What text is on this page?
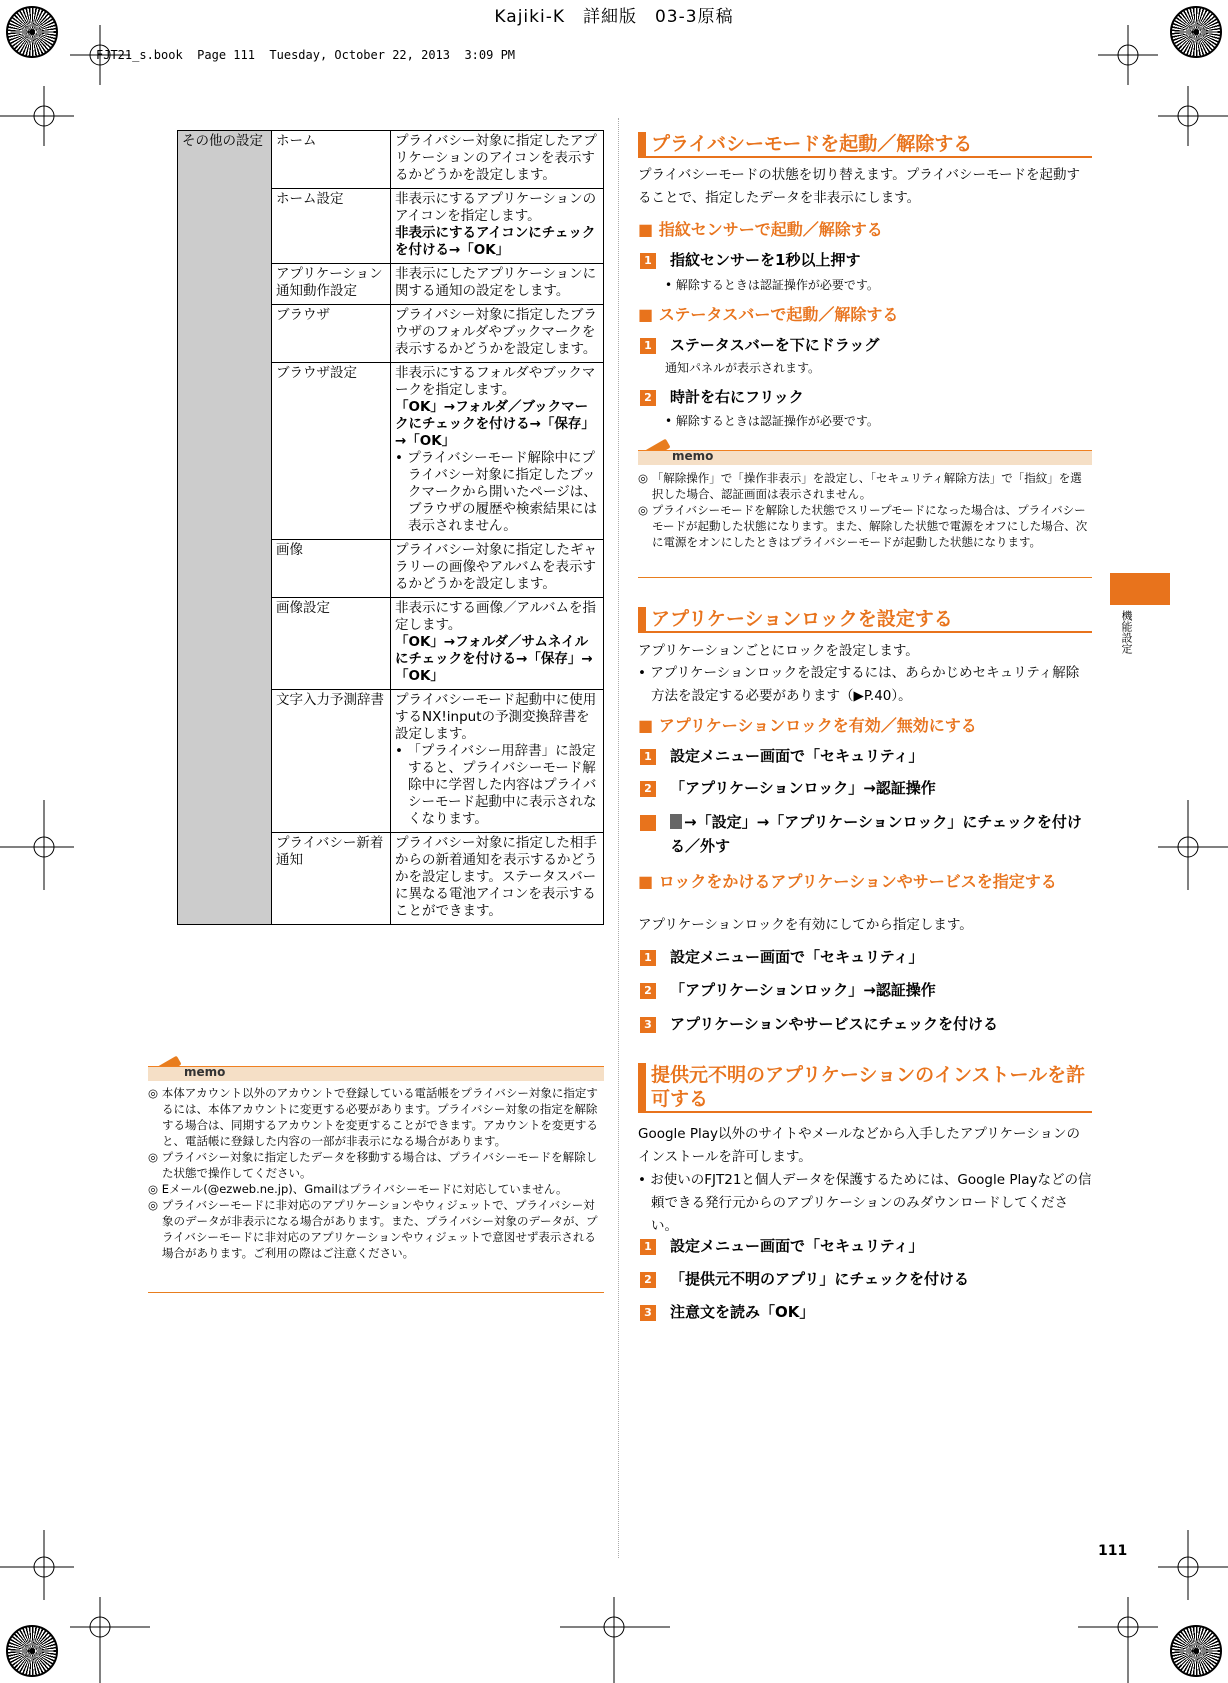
Kajiki-K　詳細版　03-3原稿
FJT21_s.book  Page 111  Tuesday, October 22, 2013  3:09 PM
その他の設定	ホーム	プライバシー対象に指定したアプリケーションのアイコンを表示するかどうかを設定します。
	ホーム設定	非表示にするアプリケーションのアイコンを指定します。
非表示にするアイコンにチェックを付ける→「OK」

	アプリケーション通知動作設定	非表示にしたアプリケーションに関する通知の設定をします。
	ブラウザ	プライバシー対象に指定したブラウザのフォルダやブックマークを表示するかどうかを設定します。
	ブラウザ設定	非表示にするフォルダやブックマークを指定します。
「OK」→フォルダ／ブックマークにチェックを付ける→「保存」→「OK」
• プライバシーモード解除中にプライバシー対象に指定したブックマークから開いたページは、ブラウザの履歴や検索結果には表示されません。

	画像	プライバシー対象に指定したギャラリーの画像やアルバムを表示するかどうかを設定します。
	画像設定	非表示にする画像／アルバムを指定します。
「OK」→フォルダ／サムネイルにチェックを付ける→「保存」→「OK」

	文字入力予測辞書	プライバシーモード起動中に使用するNX!inputの予測変換辞書を設定します。
• 「プライバシー用辞書」に設定すると、プライバシーモード解除中に学習した内容はプライバシーモード起動中に表示されなくなります。

	プライバシー新着通知	プライバシー対象に指定した相手からの新着通知を表示するかどうかを設定します。ステータスバーに異なる電池アイコンを表示することができます。
memo

◎ 本体アカウント以外のアカウントで登録している電話帳をプライバシー対象に指定するには、本体アカウントに変更する必要があります。プライバシー対象の指定を解除する場合は、同期するアカウントを変更することができます。アカウントを変更すると、電話帳に登録した内容の一部が非表示になる場合があります。

◎ プライバシー対象に指定したデータを移動する場合は、プライバシーモードを解除した状態で操作してください。

◎ Eメール(@ezweb.ne.jp)、Gmailはプライバシーモードに対応していません。

◎ プライバシーモードに非対応のアプリケーションやウィジェットで、プライバシー対象のデータが非表示になる場合があります。また、プライバシー対象のデータが、プライバシーモードに非対応のアプリケーションやウィジェットで意図せず表示される場合があります。ご利用の際はご注意ください。

プライバシーモードを起動／解除する
プライバシーモードの状態を切り替えます。プライバシーモードを起動することで、指定したデータを非表示にします。
■ 指紋センサーで起動／解除する
1 指紋センサーを1秒以上押す
• 解除するときは認証操作が必要です。
■ ステータスバーで起動／解除する
1 ステータスバーを下にドラッグ
通知パネルが表示されます。
2 時計を右にフリック
• 解除するときは認証操作が必要です。
memo

◎ 「解除操作」で「操作非表示」を設定し、「セキュリティ解除方法」で「指紋」を選択した場合、認証画面は表示されません。

◎ プライバシーモードを解除した状態でスリープモードになった場合は、プライバシーモードが起動した状態になります。また、解除した状態で電源をオフにした場合、次に電源をオンにしたときはプライバシーモードが起動した状態になります。

アプリケーションロックを設定する
アプリケーションごとにロックを設定します。
• アプリケーションロックを設定するには、あらかじめセキュリティ解除方法を設定する必要があります（▶P.40）。
■ アプリケーションロックを有効／無効にする
1 設定メニュー画面で「セキュリティ」
2 「アプリケーションロック」→認証操作
3	→「設定」→「アプリケーションロック」にチェックを付ける／外す
■ ロックをかけるアプリケーションやサービスを指定する
アプリケーションロックを有効にしてから指定します。
1 設定メニュー画面で「セキュリティ」
2 「アプリケーションロック」→認証操作
3 アプリケーションやサービスにチェックを付ける
提供元不明のアプリケーションのインストールを許可する
Google Play以外のサイトやメールなどから入手したアプリケーションのインストールを許可します。
• お使いのFJT21と個人データを保護するためには、Google Playなどの信頼できる発行元からのアプリケーションのみダウンロードしてください。
1 設定メニュー画面で「セキュリティ」
2 「提供元不明のアプリ」にチェックを付ける
3 注意文を読み「OK」
機能設定
111
